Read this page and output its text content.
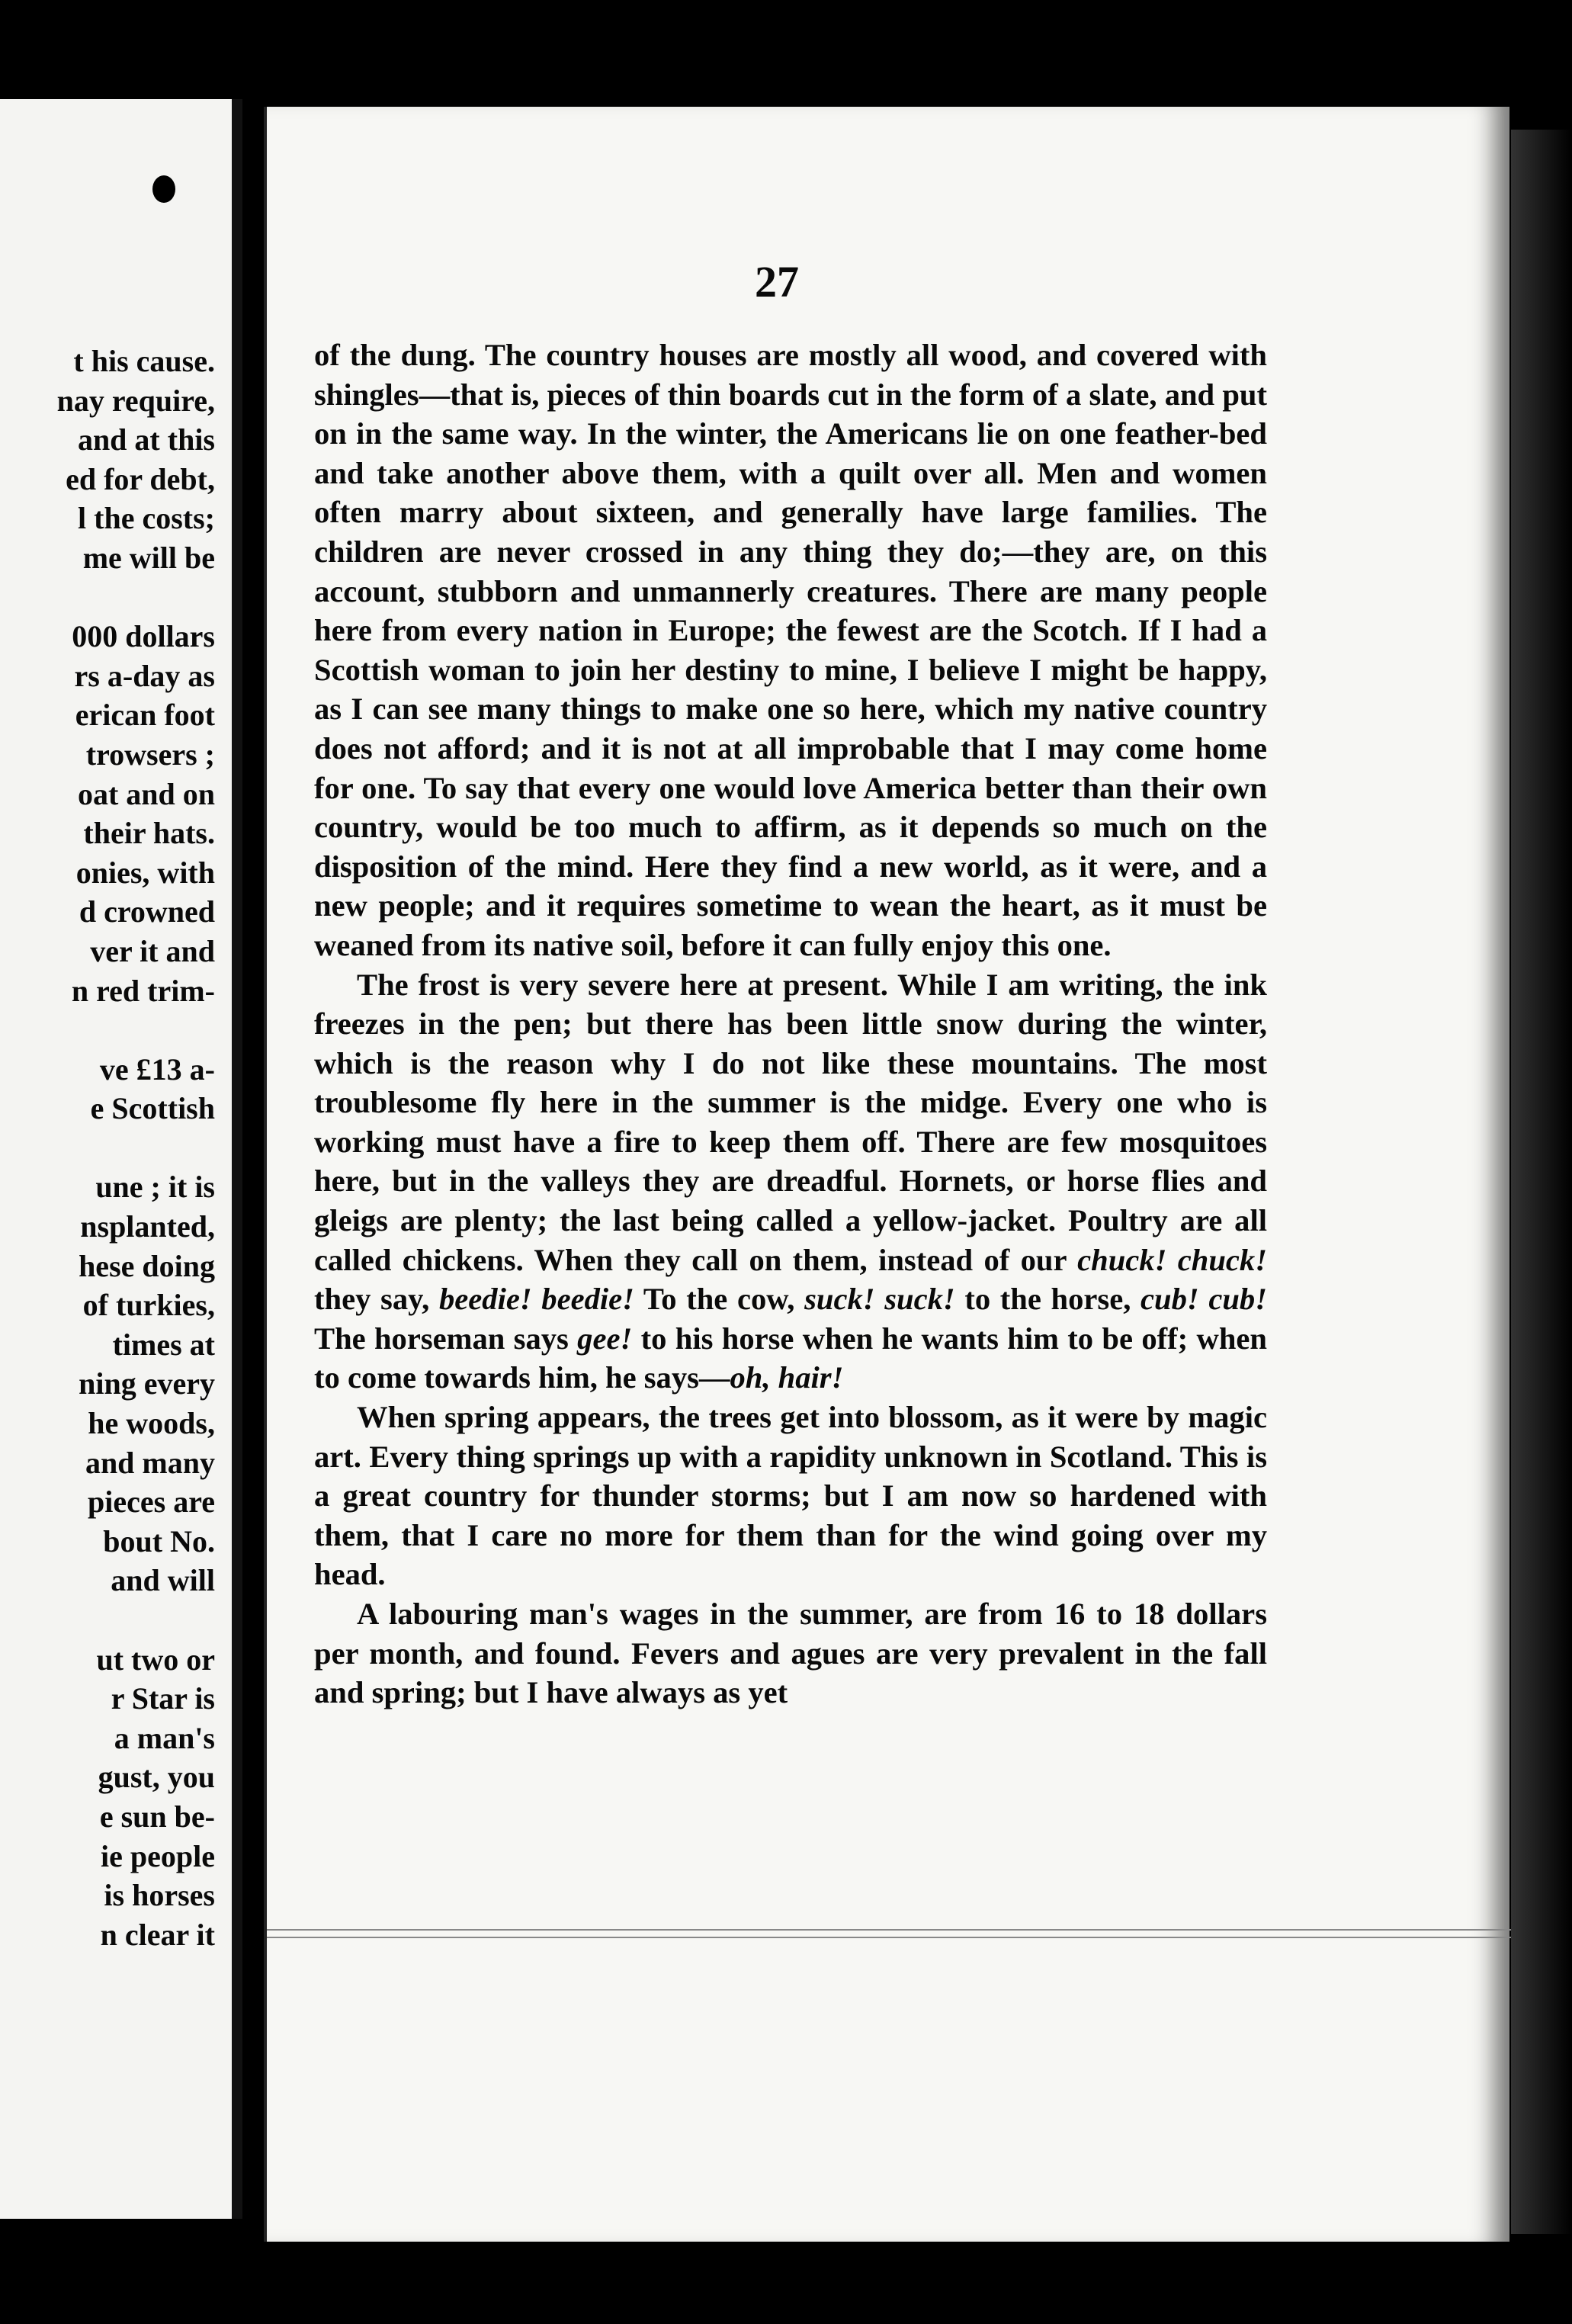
t his cause.
nay require,
and at this
ed for debt,
l the costs;
me will be

000 dollars
rs a-day as
erican foot
trowsers ;
oat and on
their hats.
onies, with
d crowned
ver it and
n red trim-

ve £13 a-
e Scottish

une ; it is
nsplanted,
hese doing
of turkies,
times at
ning every
he woods,
and many
pieces are
bout No.
and will

ut two or
r Star is
a man's
gust, you
e sun be-
ie people
is horses
n clear it
27

of the dung. The country houses are mostly all wood, and covered with shingles—that is, pieces of thin boards cut in the form of a slate, and put on in the same way. In the winter, the Americans lie on one feather-bed and take another above them, with a quilt over all. Men and women often marry about sixteen, and generally have large families. The children are never crossed in any thing they do;—they are, on this account, stubborn and unmannerly creatures. There are many people here from every nation in Europe; the fewest are the Scotch. If I had a Scottish woman to join her destiny to mine, I believe I might be happy, as I can see many things to make one so here, which my native country does not afford; and it is not at all improbable that I may come home for one. To say that every one would love America better than their own country, would be too much to affirm, as it depends so much on the disposition of the mind. Here they find a new world, as it were, and a new people; and it requires sometime to wean the heart, as it must be weaned from its native soil, before it can fully enjoy this one.

The frost is very severe here at present. While I am writing, the ink freezes in the pen; but there has been little snow during the winter, which is the reason why I do not like these mountains. The most troublesome fly here in the summer is the midge. Every one who is working must have a fire to keep them off. There are few mosquitoes here, but in the valleys they are dreadful. Hornets, or horse flies and gleigs are plenty; the last being called a yellow-jacket. Poultry are all called chickens. When they call on them, instead of our chuck! chuck! they say, beedie! beedie! To the cow, suck! suck! to the horse, cub! cub! The horseman says gee! to his horse when he wants him to be off; when to come towards him, he says—oh, hair!

When spring appears, the trees get into blossom, as it were by magic art. Every thing springs up with a rapidity unknown in Scotland. This is a great country for thunder storms; but I am now so hardened with them, that I care no more for them than for the wind going over my head.

A labouring man's wages in the summer, are from 16 to 18 dollars per month, and found. Fevers and agues are very prevalent in the fall and spring; but I have always as yet
